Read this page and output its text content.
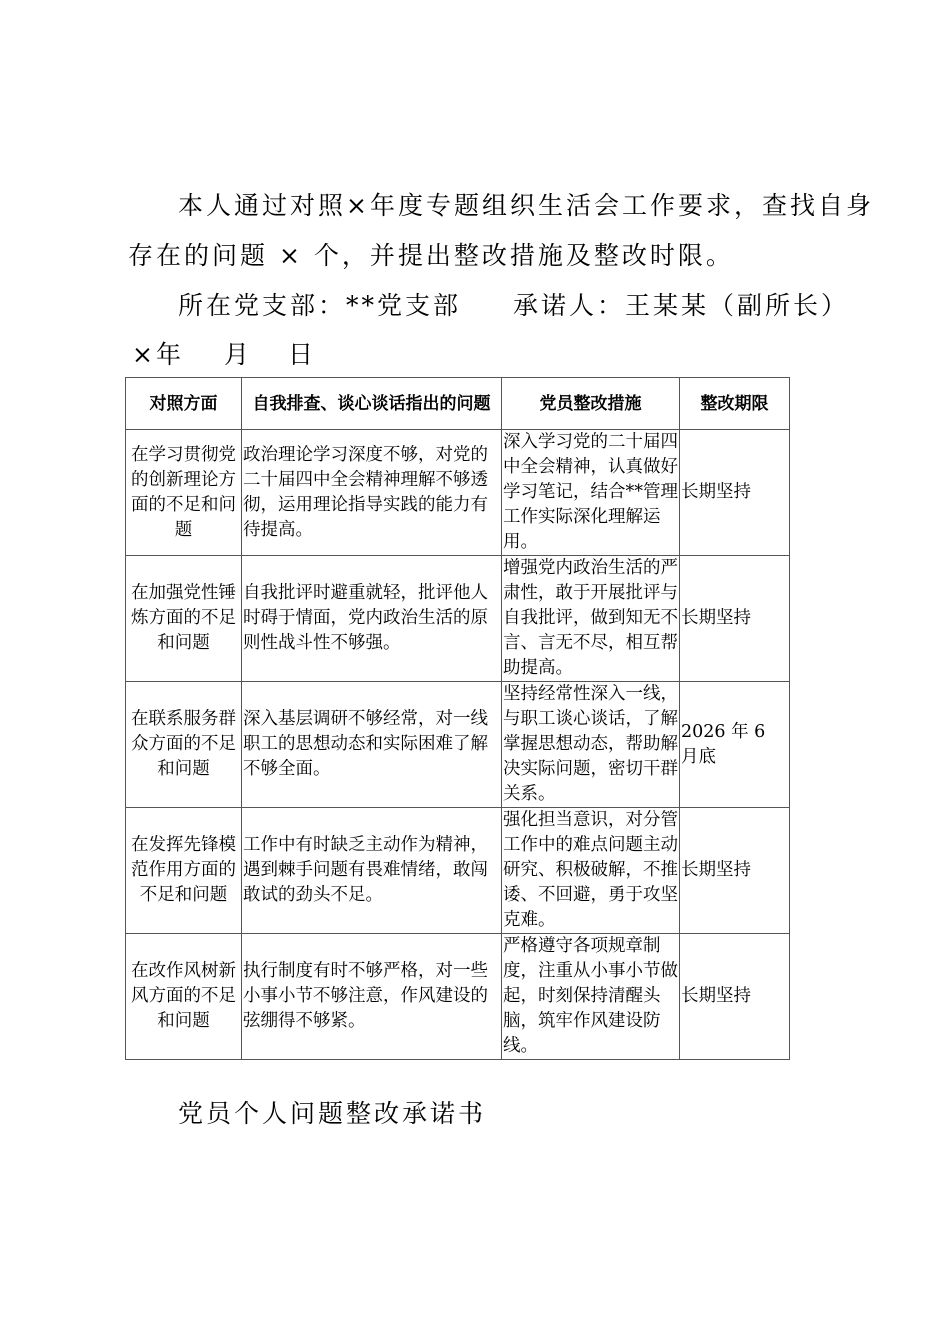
本人通过对照×年度专题组织生活会工作要求，查找自身
存在的问题 × 个，并提出整改措施及整改时限。
所在党支部：**党支部 承诺人：王某某（副所长）
×年 月 日
对照方面	自我排查、谈心谈话指出的问题	党员整改措施	整改期限
在学习贯彻党的创新理论方面的不足和问题	政治理论学习深度不够，对党的二十届四中全会精神理解不够透彻，运用理论指导实践的能力有待提高。	深入学习党的二十届四中全会精神，认真做好学习笔记，结合**管理工作实际深化理解运用。	长期坚持
在加强党性锤炼方面的不足和问题	自我批评时避重就轻，批评他人时碍于情面，党内政治生活的原则性战斗性不够强。	增强党内政治生活的严肃性，敢于开展批评与自我批评，做到知无不言、言无不尽，相互帮助提高。	长期坚持
在联系服务群众方面的不足和问题	深入基层调研不够经常，对一线职工的思想动态和实际困难了解不够全面。	坚持经常性深入一线，与职工谈心谈话，了解掌握思想动态，帮助解决实际问题，密切干群关系。	2026 年 6 月底
在发挥先锋模范作用方面的不足和问题	工作中有时缺乏主动作为精神，遇到棘手问题有畏难情绪，敢闯敢试的劲头不足。	强化担当意识，对分管工作中的难点问题主动研究、积极破解，不推诿、不回避，勇于攻坚克难。	长期坚持
在改作风树新风方面的不足和问题	执行制度有时不够严格，对一些小事小节不够注意，作风建设的弦绷得不够紧。	严格遵守各项规章制度，注重从小事小节做起，时刻保持清醒头脑，筑牢作风建设防线。	长期坚持
党员个人问题整改承诺书
